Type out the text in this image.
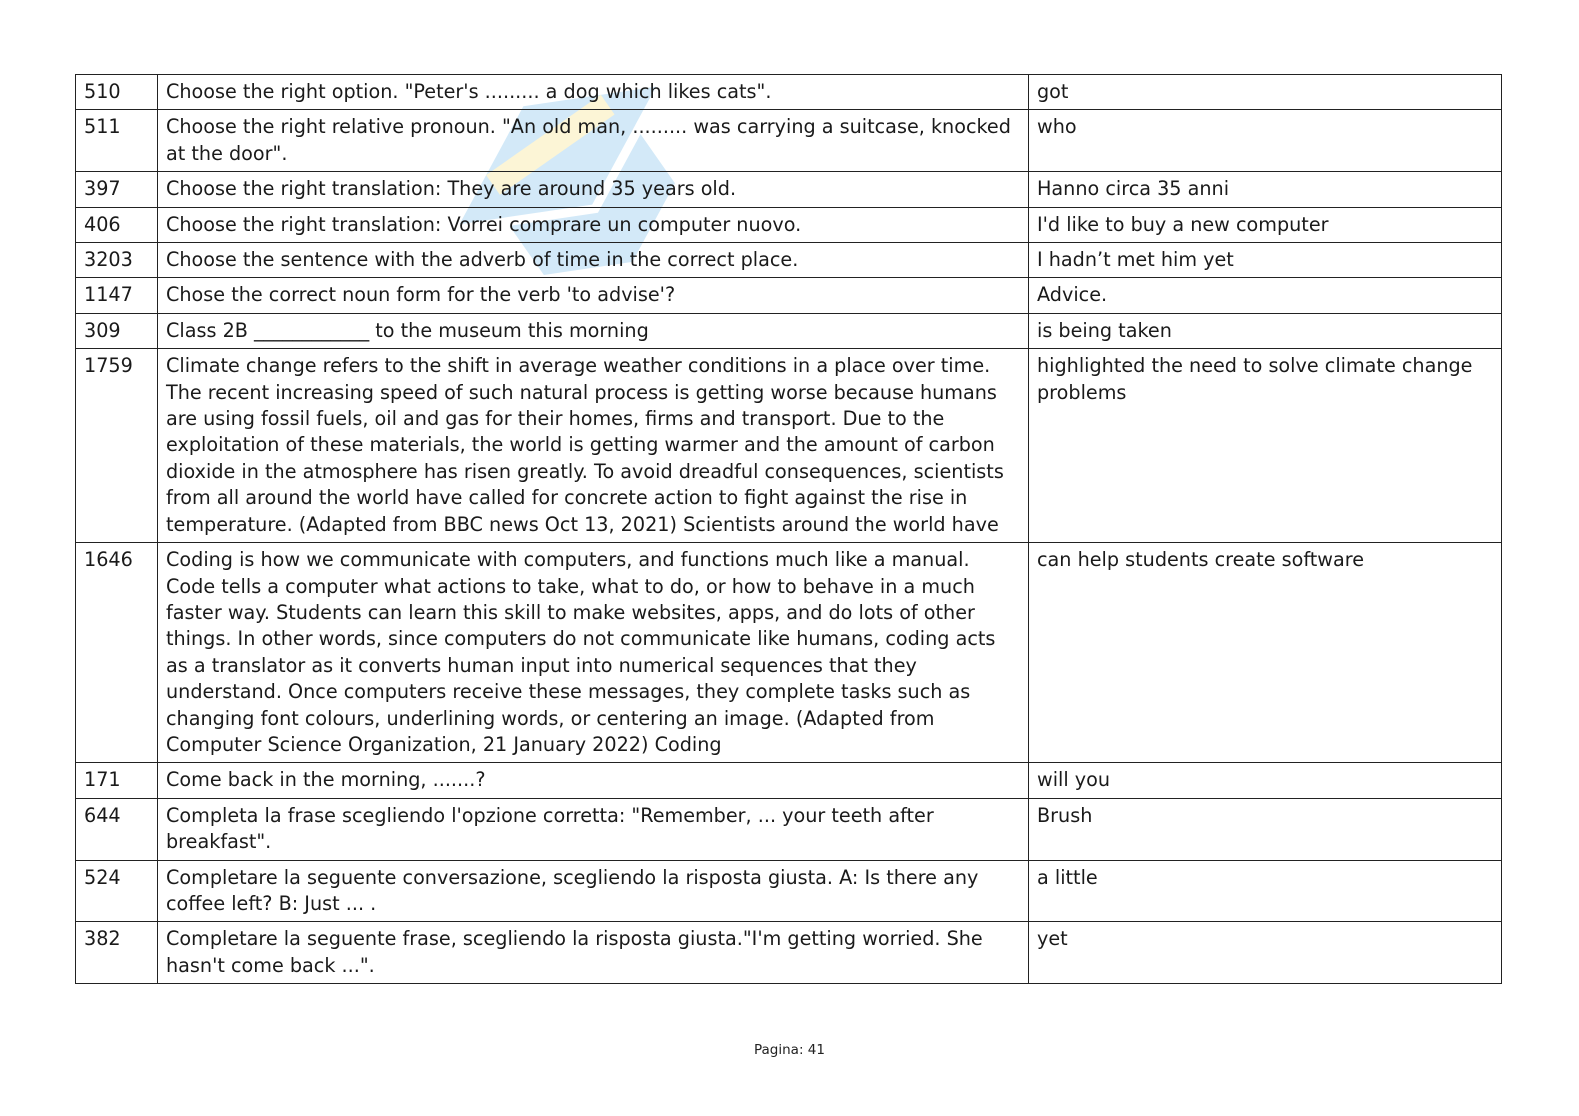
510	Choose the right option. "Peter's ......... a dog which likes cats".	got
511	Choose the right relative pronoun. "An old man, ......... was carrying a suitcase, knocked at the door".	who
397	Choose the right translation: They are around 35 years old.	Hanno circa 35 anni
406	Choose the right translation: Vorrei comprare un computer nuovo.	I'd like to buy a new computer
3203	Choose the sentence with the adverb of time in the correct place.	I hadn’t met him yet
1147	Chose the correct noun form for the verb 'to advise'?	Advice.
309	Class 2B ____________ to the museum this morning	is being taken
1759	Climate change refers to the shift in average weather conditions in a place over time. The recent increasing speed of such natural process is getting worse because humans are using fossil fuels, oil and gas for their homes, firms and transport. Due to the exploitation of these materials, the world is getting warmer and the amount of carbon dioxide in the atmosphere has risen greatly. To avoid dreadful consequences, scientists from all around the world have called for concrete action to fight against the rise in temperature. (Adapted from BBC news Oct 13, 2021) Scientists around the world have	highlighted the need to solve climate change problems
1646	Coding is how we communicate with computers, and functions much like a manual. Code tells a computer what actions to take, what to do, or how to behave in a much faster way. Students can learn this skill to make websites, apps, and do lots of other things. In other words, since computers do not communicate like humans, coding acts as a translator as it converts human input into numerical sequences that they understand. Once computers receive these messages, they complete tasks such as changing font colours, underlining words, or centering an image. (Adapted from Computer Science Organization, 21 January 2022) Coding	can help students create software
171	Come back in the morning, .......?	will you
644	Completa la frase scegliendo l'opzione corretta: "Remember, ... your teeth after breakfast".	Brush
524	Completare la seguente conversazione, scegliendo la risposta giusta. A: Is there any coffee left? B: Just ... .	a little
382	Completare la seguente frase, scegliendo la risposta giusta."I'm getting worried. She hasn't come back ...".	yet
Pagina: 41
